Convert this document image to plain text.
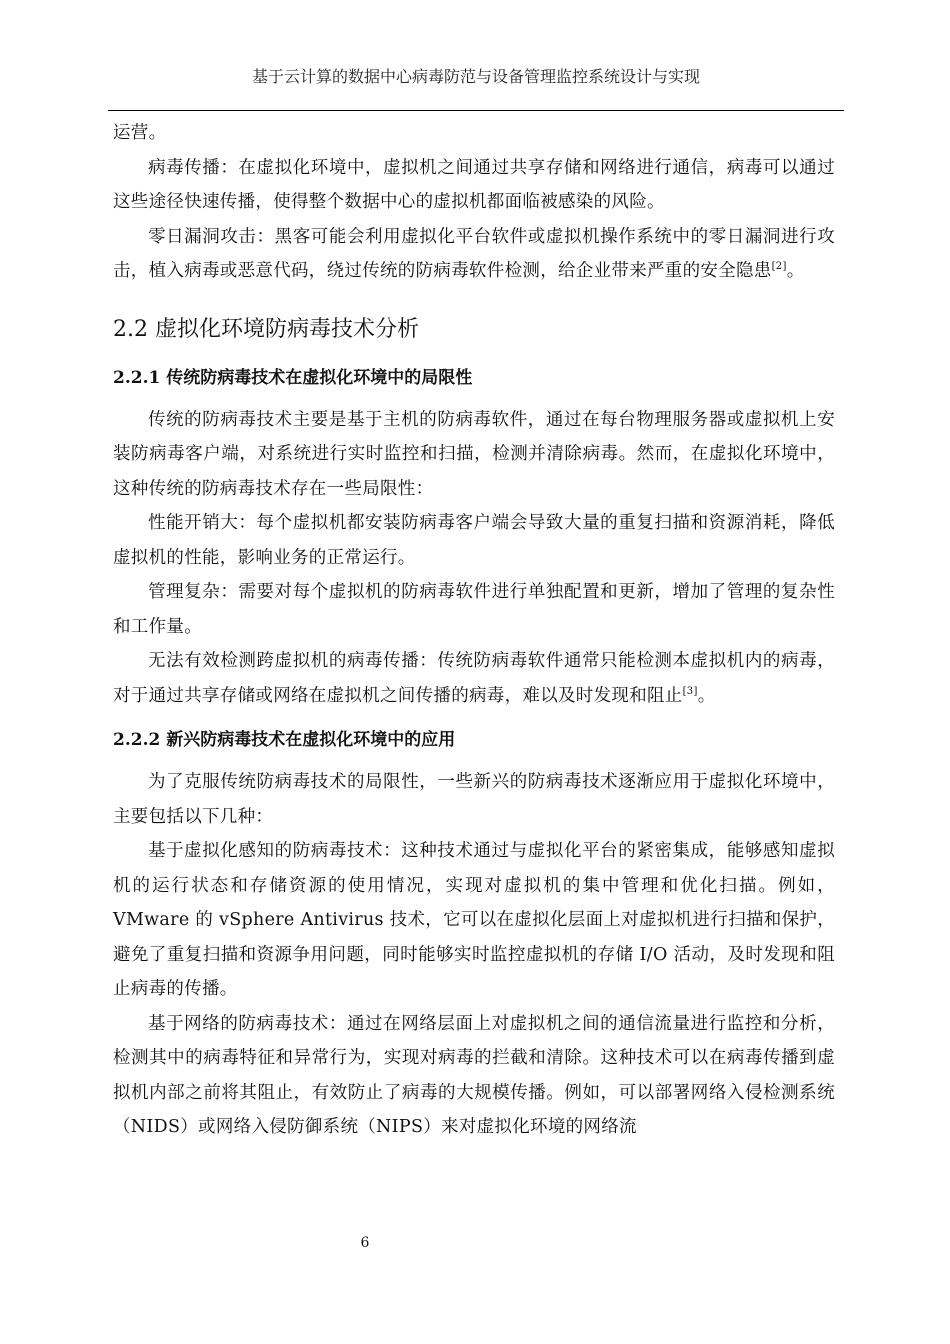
基于云计算的数据中心病毒防范与设备管理监控系统设计与实现

运营。

病毒传播：在虚拟化环境中，虚拟机之间通过共享存储和网络进行通信，病毒可以通过这些途径快速传播，使得整个数据中心的虚拟机都面临被感染的风险。

零日漏洞攻击：黑客可能会利用虚拟化平台软件或虚拟机操作系统中的零日漏洞进行攻击，植入病毒或恶意代码，绕过传统的防病毒软件检测，给企业带来严重的安全隐患[2]。

2.2 虚拟化环境防病毒技术分析
2.2.1 传统防病毒技术在虚拟化环境中的局限性

传统的防病毒技术主要是基于主机的防病毒软件，通过在每台物理服务器或虚拟机上安装防病毒客户端，对系统进行实时监控和扫描，检测并清除病毒。然而，在虚拟化环境中，这种传统的防病毒技术存在一些局限性：

性能开销大：每个虚拟机都安装防病毒客户端会导致大量的重复扫描和资源消耗，降低虚拟机的性能，影响业务的正常运行。

管理复杂：需要对每个虚拟机的防病毒软件进行单独配置和更新，增加了管理的复杂性和工作量。

无法有效检测跨虚拟机的病毒传播：传统防病毒软件通常只能检测本虚拟机内的病毒，对于通过共享存储或网络在虚拟机之间传播的病毒，难以及时发现和阻止[3]。

2.2.2 新兴防病毒技术在虚拟化环境中的应用

为了克服传统防病毒技术的局限性，一些新兴的防病毒技术逐渐应用于虚拟化环境中，主要包括以下几种：

基于虚拟化感知的防病毒技术：这种技术通过与虚拟化平台的紧密集成，能够感知虚拟机的运行状态和存储资源的使用情况，实现对虚拟机的集中管理和优化扫描。例如，VMware 的 vSphere Antivirus 技术，它可以在虚拟化层面上对虚拟机进行扫描和保护，避免了重复扫描和资源争用问题，同时能够实时监控虚拟机的存储 I/O 活动，及时发现和阻止病毒的传播。

基于网络的防病毒技术：通过在网络层面上对虚拟机之间的通信流量进行监控和分析，检测其中的病毒特征和异常行为，实现对病毒的拦截和清除。这种技术可以在病毒传播到虚拟机内部之前将其阻止，有效防止了病毒的大规模传播。例如，可以部署网络入侵检测系统（NIDS）或网络入侵防御系统（NIPS）来对虚拟化环境的网络流

6
